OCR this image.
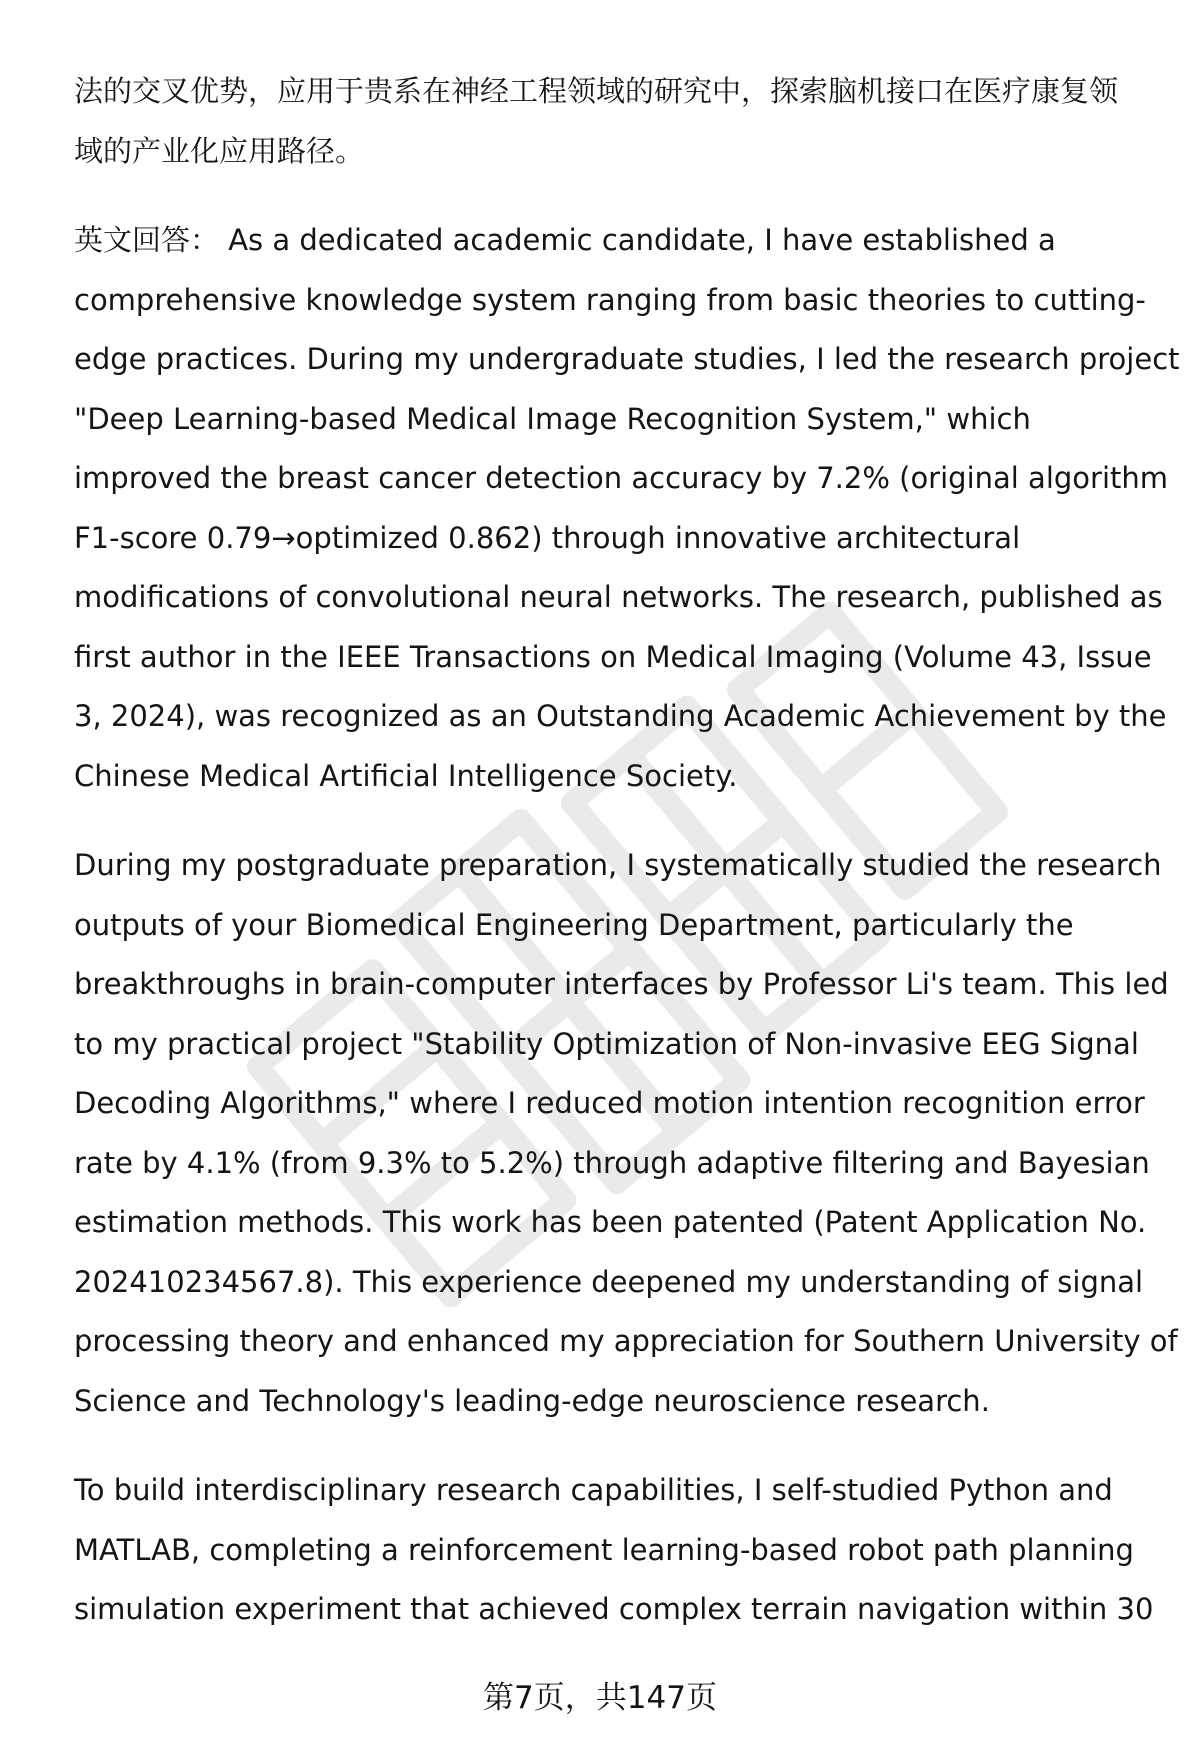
法的交叉优势，应用于贵系在神经工程领域的研究中，探索脑机接口在医疗康复领
域的产业化应用路径。

英文回答： As a dedicated academic candidate, I have established a
comprehensive knowledge system ranging from basic theories to cutting-
edge practices. During my undergraduate studies, I led the research project
"Deep Learning-based Medical Image Recognition System," which
improved the breast cancer detection accuracy by 7.2% (original algorithm
F1-score 0.79→optimized 0.862) through innovative architectural
modifications of convolutional neural networks. The research, published as
first author in the IEEE Transactions on Medical Imaging (Volume 43, Issue
3, 2024), was recognized as an Outstanding Academic Achievement by the
Chinese Medical Artificial Intelligence Society.

During my postgraduate preparation, I systematically studied the research
outputs of your Biomedical Engineering Department, particularly the
breakthroughs in brain-computer interfaces by Professor Li's team. This led
to my practical project "Stability Optimization of Non-invasive EEG Signal
Decoding Algorithms," where I reduced motion intention recognition error
rate by 4.1% (from 9.3% to 5.2%) through adaptive filtering and Bayesian
estimation methods. This work has been patented (Patent Application No.
202410234567.8). This experience deepened my understanding of signal
processing theory and enhanced my appreciation for Southern University of
Science and Technology's leading-edge neuroscience research.

To build interdisciplinary research capabilities, I self-studied Python and
MATLAB, completing a reinforcement learning-based robot path planning
simulation experiment that achieved complex terrain navigation within 30

第7页，共147页
